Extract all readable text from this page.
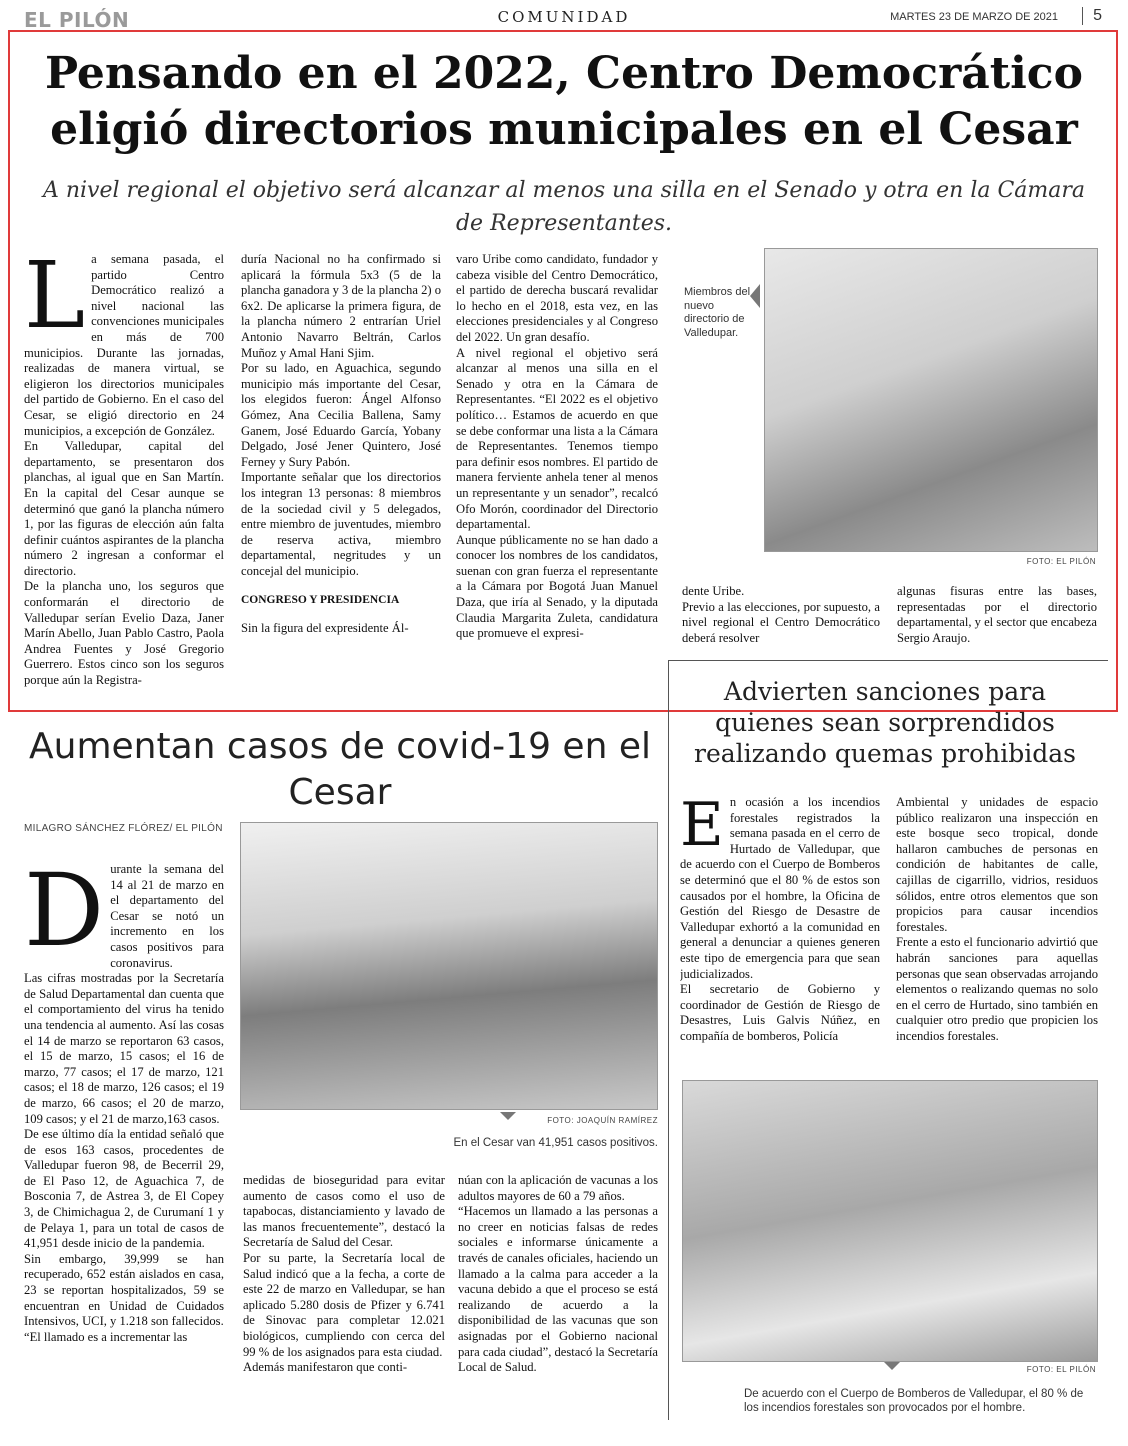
EL PILÓN	COMUNIDAD	MARTES 23 DE MARZO DE 2021	5
Pensando en el 2022, Centro Democrático eligió directorios municipales en el Cesar
A nivel regional el objetivo será alcanzar al menos una silla en el Senado y otra en la Cámara de Representantes.
L a semana pasada, el partido Centro Democrático realizó a nivel nacional las convenciones municipales en más de 700 municipios. Durante las jornadas, realizadas de manera virtual, se eligieron los directorios municipales del partido de Gobierno. En el caso del Cesar, se eligió directorio en 24 municipios, a excepción de González.

En Valledupar, capital del departamento, se presentaron dos planchas, al igual que en San Martín. En la capital del Cesar aunque se determinó que ganó la plancha número 1, por las figuras de elección aún falta definir cuántos aspirantes de la plancha número 2 ingresan a conformar el directorio.

De la plancha uno, los seguros que conformarán el directorio de Valledupar serían Evelio Daza, Janer Marín Abello, Juan Pablo Castro, Paola Andrea Fuentes y José Gregorio Guerrero. Estos cinco son los seguros porque aún la Registra-

duría Nacional no ha confirmado si aplicará la fórmula 5x3 (5 de la plancha ganadora y 3 de la plancha 2) o 6x2. De aplicarse la primera figura, de la plancha número 2 entrarían Uriel Antonio Navarro Beltrán, Carlos Muñoz y Amal Hani Sjim.

Por su lado, en Aguachica, segundo municipio más importante del Cesar, los elegidos fueron: Ángel Alfonso Gómez, Ana Cecilia Ballena, Samy Ganem, José Eduardo García, Yobany Delgado, José Jener Quintero, José Ferney y Sury Pabón.

Importante señalar que los directorios los integran 13 personas: 8 miembros de la sociedad civil y 5 delegados, entre miembro de juventudes, miembro de reserva activa, miembro departamental, negritudes y un concejal del municipio.

CONGRESO Y PRESIDENCIA

Sin la figura del expresidente Ál-

varo Uribe como candidato, fundador y cabeza visible del Centro Democrático, el partido de derecha buscará revalidar lo hecho en el 2018, esta vez, en las elecciones presidenciales y al Congreso del 2022. Un gran desafío.

A nivel regional el objetivo será alcanzar al menos una silla en el Senado y otra en la Cámara de Representantes. “El 2022 es el objetivo político… Estamos de acuerdo en que se debe conformar una lista a la Cámara de Representantes. Tenemos tiempo para definir esos nombres. El partido de manera ferviente anhela tener al menos un representante y un senador”, recalcó Ofo Morón, coordinador del Directorio departamental.

Aunque públicamente no se han dado a conocer los nombres de los candidatos, suenan con gran fuerza el representante a la Cámara por Bogotá Juan Manuel Daza, que iría al Senado, y la diputada Claudia Margarita Zuleta, candidatura que promueve el expresi-

Miembros del nuevo directorio de Valledupar.
FOTO: EL PILÓN

dente Uribe.

Previo a las elecciones, por supuesto, a nivel regional el Centro Democrático deberá resolver

algunas fisuras entre las bases, representadas por el directorio departamental, y el sector que encabeza Sergio Araujo.

Advierten sanciones para quienes sean sorprendidos realizando quemas prohibidas
E n ocasión a los incendios forestales registrados la semana pasada en el cerro de Hurtado de Valledupar, que de acuerdo con el Cuerpo de Bomberos se determinó que el 80 % de estos son causados por el hombre, la Oficina de Gestión del Riesgo de Desastre de Valledupar exhortó a la comunidad en general a denunciar a quienes generen este tipo de emergencia para que sean judicializados.

El secretario de Gobierno y coordinador de Gestión de Riesgo de Desastres, Luis Galvis Núñez, en compañía de bomberos, Policía

Ambiental y unidades de espacio público realizaron una inspección en este bosque seco tropical, donde hallaron cambuches de personas en condición de habitantes de calle, cajillas de cigarrillo, vidrios, residuos sólidos, entre otros elementos que son propicios para causar incendios forestales.

Frente a esto el funcionario advirtió que habrán sanciones para aquellas personas que sean observadas arrojando elementos o realizando quemas no solo en el cerro de Hurtado, sino también en cualquier otro predio que propicien los incendios forestales.

FOTO: EL PILÓN
De acuerdo con el Cuerpo de Bomberos de Valledupar, el 80 % de los incendios forestales son provocados por el hombre.
Aumentan casos de covid-19 en el Cesar
MILAGRO SÁNCHEZ FLÓREZ/ EL PILÓN
D urante la semana del 14 al 21 de marzo en el departamento del Cesar se notó un incremento en los casos positivos para coronavirus.

Las cifras mostradas por la Secretaría de Salud Departamental dan cuenta que el comportamiento del virus ha tenido una tendencia al aumento. Así las cosas el 14 de marzo se reportaron 63 casos, el 15 de marzo, 15 casos; el 16 de marzo, 77 casos; el 17 de marzo, 121 casos; el 18 de marzo, 126 casos; el 19 de marzo, 66 casos; el 20 de marzo, 109 casos; y el 21 de marzo,163 casos.

De ese último día la entidad señaló que de esos 163 casos, procedentes de Valledupar fueron 98, de Becerril 29, de El Paso 12, de Aguachica 7, de Bosconia 7, de Astrea 3, de El Copey 3, de Chimichagua 2, de Curumaní 1 y de Pelaya 1, para un total de casos de 41,951 desde inicio de la pandemia.

Sin embargo, 39,999 se han recuperado, 652 están aislados en casa, 23 se reportan hospitalizados, 59 se encuentran en Unidad de Cuidados Intensivos, UCI, y 1.218 son fallecidos.

“El llamado es a incrementar las

FOTO: JOAQUÍN RAMÍREZ
En el Cesar van 41,951 casos positivos.

medidas de bioseguridad para evitar aumento de casos como el uso de tapabocas, distanciamiento y lavado de las manos frecuentemente”, destacó la Secretaría de Salud del Cesar.

Por su parte, la Secretaría local de Salud indicó que a la fecha, a corte de este 22 de marzo en Valledupar, se han aplicado 5.280 dosis de Pfizer y 6.741 de Sinovac para completar 12.021 biológicos, cumpliendo con cerca del 99 % de los asignados para esta ciudad.

Además manifestaron que conti-

núan con la aplicación de vacunas a los adultos mayores de 60 a 79 años.

“Hacemos un llamado a las personas a no creer en noticias falsas de redes sociales e informarse únicamente a través de canales oficiales, haciendo un llamado a la calma para acceder a la vacuna debido a que el proceso se está realizando de acuerdo a la disponibilidad de las vacunas que son asignadas por el Gobierno nacional para cada ciudad”, destacó la Secretaría Local de Salud.
